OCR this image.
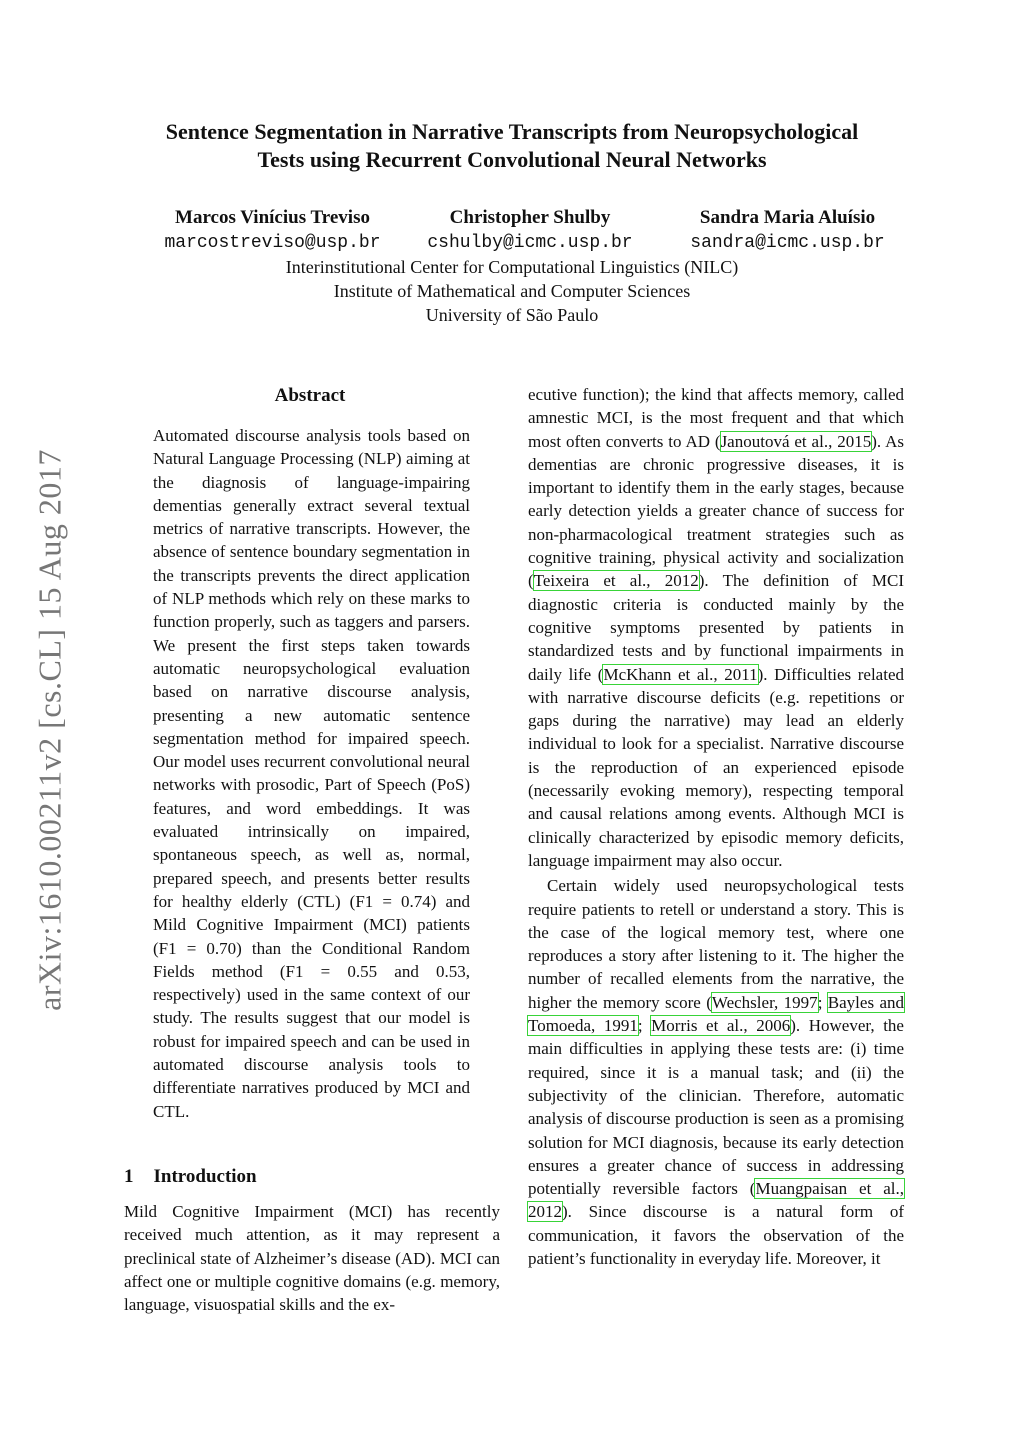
arXiv:1610.00211v2 [cs.CL] 15 Aug 2017
Sentence Segmentation in Narrative Transcripts from Neuropsychological
Tests using Recurrent Convolutional Neural Networks
Marcos Vinícius Treviso
marcostreviso@usp.br
Christopher Shulby
cshulby@icmc.usp.br
Sandra Maria Aluísio
sandra@icmc.usp.br
Interinstitutional Center for Computational Linguistics (NILC)
Institute of Mathematical and Computer Sciences
University of São Paulo
Abstract
Automated discourse analysis tools based on Natural Language Processing (NLP) aiming at the diagnosis of language-impairing dementias generally extract several textual metrics of narrative transcripts. However, the absence of sentence boundary segmentation in the transcripts prevents the direct application of NLP methods which rely on these marks to function properly, such as taggers and parsers. We present the first steps taken towards automatic neuropsychological evaluation based on narrative discourse analysis, presenting a new automatic sentence segmentation method for impaired speech. Our model uses recurrent convolutional neural networks with prosodic, Part of Speech (PoS) features, and word embeddings. It was evaluated intrinsically on impaired, spontaneous speech, as well as, normal, prepared speech, and presents better results for healthy elderly (CTL) (F1 = 0.74) and Mild Cognitive Impairment (MCI) patients (F1 = 0.70) than the Conditional Random Fields method (F1 = 0.55 and 0.53, respectively) used in the same context of our study. The results suggest that our model is robust for impaired speech and can be used in automated discourse analysis tools to differentiate narratives produced by MCI and CTL.
1 Introduction
Mild Cognitive Impairment (MCI) has recently received much attention, as it may represent a preclinical state of Alzheimer’s disease (AD). MCI can affect one or multiple cognitive domains (e.g. memory, language, visuospatial skills and the ex-

ecutive function); the kind that affects memory, called amnestic MCI, is the most frequent and that which most often converts to AD (Janoutová et al., 2015). As dementias are chronic progressive diseases, it is important to identify them in the early stages, because early detection yields a greater chance of success for non-pharmacological treatment strategies such as cognitive training, physical activity and socialization (Teixeira et al., 2012). The definition of MCI diagnostic criteria is conducted mainly by the cognitive symptoms presented by patients in standardized tests and by functional impairments in daily life (McKhann et al., 2011). Difficulties related with narrative discourse deficits (e.g. repetitions or gaps during the narrative) may lead an elderly individual to look for a specialist. Narrative discourse is the reproduction of an experienced episode (necessarily evoking memory), respecting temporal and causal relations among events. Although MCI is clinically characterized by episodic memory deficits, language impairment may also occur.

Certain widely used neuropsychological tests require patients to retell or understand a story. This is the case of the logical memory test, where one reproduces a story after listening to it. The higher the number of recalled elements from the narrative, the higher the memory score (Wechsler, 1997; Bayles and Tomoeda, 1991; Morris et al., 2006). However, the main difficulties in applying these tests are: (i) time required, since it is a manual task; and (ii) the subjectivity of the clinician. Therefore, automatic analysis of discourse production is seen as a promising solution for MCI diagnosis, because its early detection ensures a greater chance of success in addressing potentially reversible factors (Muangpaisan et al., 2012). Since discourse is a natural form of communication, it favors the observation of the patient’s functionality in everyday life. Moreover, it
